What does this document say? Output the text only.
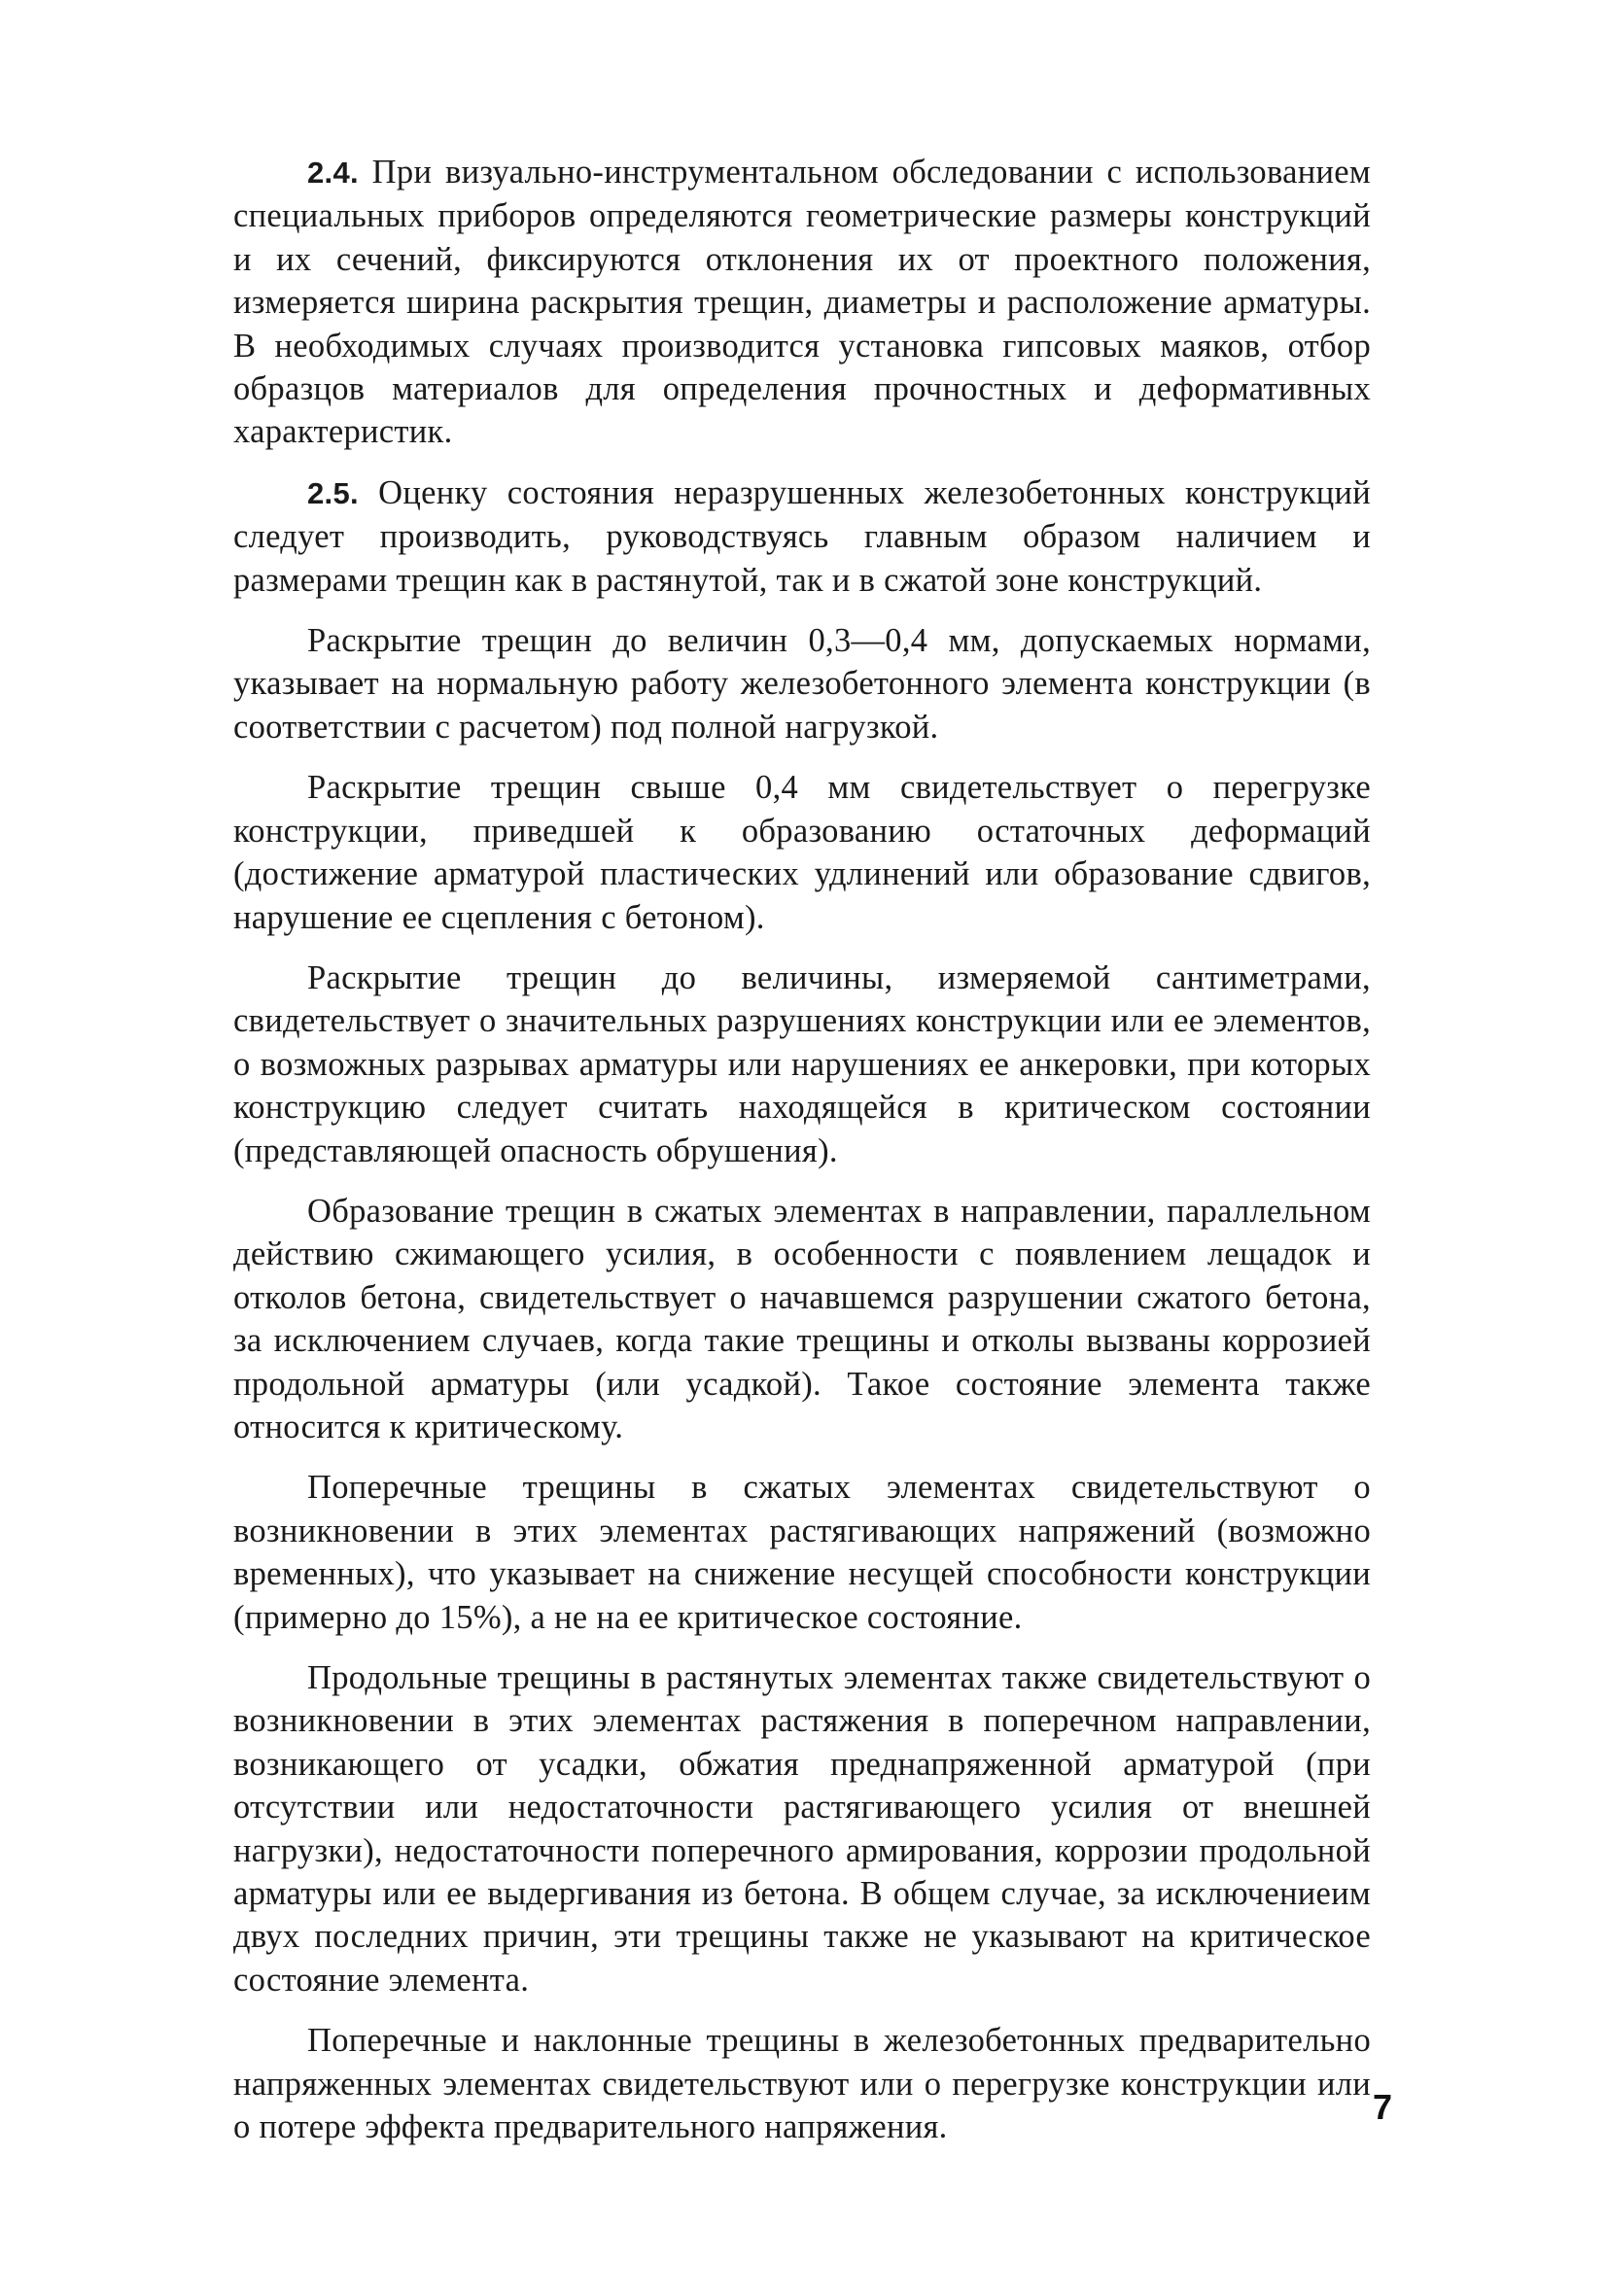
2.4. При визуально-инструментальном обследовании с использованием специальных приборов определяются геометрические размеры конструкций и их сечений, фиксируются отклонения их от проектного положения, измеряется ширина раскрытия трещин, диаметры и расположение арматуры. В необходимых случаях производится установка гипсовых маяков, отбор образцов материалов для определения прочностных и деформативных характеристик.

2.5. Оценку состояния неразрушенных железобетонных конструкций следует производить, руководствуясь главным образом наличием и размерами трещин как в растянутой, так и в сжатой зоне конструкций.

Раскрытие трещин до величин 0,3—0,4 мм, допускаемых нормами, указывает на нормальную работу железобетонного элемента конструкции (в соответствии с расчетом) под полной нагрузкой.

Раскрытие трещин свыше 0,4 мм свидетельствует о перегрузке конструкции, приведшей к образованию остаточных деформаций (достижение арматурой пластических удлинений или образование сдвигов, нарушение ее сцепления с бетоном).

Раскрытие трещин до величины, измеряемой сантиметрами, свидетельствует о значительных разрушениях конструкции или ее элементов, о возможных разрывах арматуры или нарушениях ее анкеровки, при которых конструкцию следует считать находящейся в критическом состоянии (представляющей опасность обрушения).

Образование трещин в сжатых элементах в направлении, параллельном действию сжимающего усилия, в особенности с появлением лещадок и отколов бетона, свидетельствует о начавшемся разрушении сжатого бетона, за исключением случаев, когда такие трещины и отколы вызваны коррозией продольной арматуры (или усадкой). Такое состояние элемента также относится к критическому.

Поперечные трещины в сжатых элементах свидетельствуют о возникновении в этих элементах растягивающих напряжений (возможно временных), что указывает на снижение несущей способности конструкции (примерно до 15%), а не на ее критическое состояние.

Продольные трещины в растянутых элементах также свидетельствуют о возникновении в этих элементах растяжения в поперечном направлении, возникающего от усадки, обжатия преднапряженной арматурой (при отсутствии или недостаточности растягивающего усилия от внешней нагрузки), недостаточности поперечного армирования, коррозии продольной арматуры или ее выдергивания из бетона. В общем случае, за исключениеим двух последних причин, эти трещины также не указывают на критическое состояние элемента.

Поперечные и наклонные трещины в железобетонных предварительно напряженных элементах свидетельствуют или о перегрузке конструкции или о потере эффекта предварительного напряжения.

7
